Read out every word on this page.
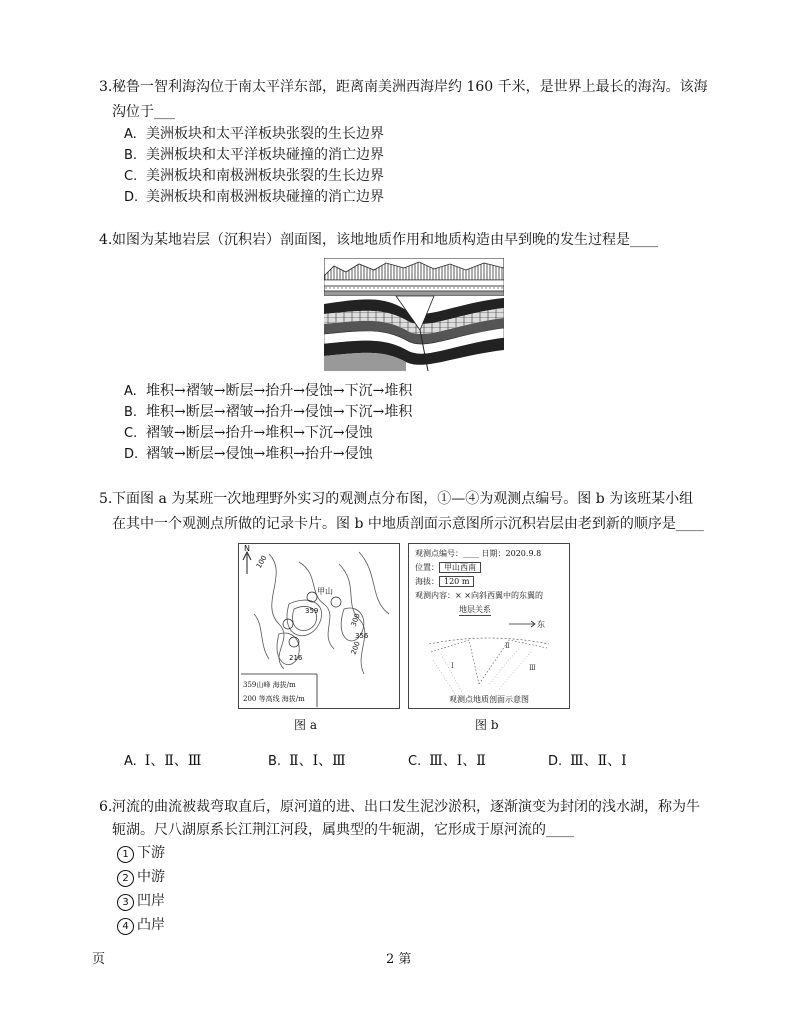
3. 秘鲁一智利海沟位于南太平洋东部，距离南美洲西海岸约 160 千米，是世界上最长的海沟。该海

沟位于___

A. 美洲板块和太平洋板块张裂的生长边界
B. 美洲板块和太平洋板块碰撞的消亡边界
C. 美洲板块和南极洲板块张裂的生长边界
D. 美洲板块和南极洲板块碰撞的消亡边界
4. 如图为某地岩层（沉积岩）剖面图，该地地质作用和地质构造由早到晚的发生过程是____

A. 堆积→褶皱→断层→抬升→侵蚀→下沉→堆积
B. 堆积→断层→褶皱→抬升→侵蚀→下沉→堆积
C. 褶皱→断层→抬升→堆积→下沉→侵蚀
D. 褶皱→断层→侵蚀→堆积→抬升→侵蚀
5. 下面图 a 为某班一次地理野外实习的观测点分布图，①—④为观测点编号。图 b 为该班某小组

在其中一个观测点所做的记录卡片。图 b 中地质剖面示意图所示沉积岩层由老到新的顺序是____

N
100
300
200
甲山
359
216
356
359山峰 海拔/m
200 等高线 海拔/m
图 a
观测点编号：____ 日期：2020.9.8
位置： 甲山西南
海拔： 120 m
观测内容：× ×向斜西翼中的东翼的
地层关系
Ⅰ
Ⅱ
Ⅲ
东
观测点地质剖面示意图
图 b
A. Ⅰ、Ⅱ、Ⅲ	B. Ⅱ、Ⅰ、Ⅲ	C. Ⅲ、Ⅰ、Ⅱ	D. Ⅲ、Ⅱ、Ⅰ
6. 河流的曲流被裁弯取直后，原河道的进、出口发生泥沙淤积，逐渐演变为封闭的浅水湖，称为牛

轭湖。尺八湖原系长江荆江河段，属典型的牛轭湖，它形成于原河流的____

1 下游
2 中游
3 凹岸
4 凸岸
页	2 第
